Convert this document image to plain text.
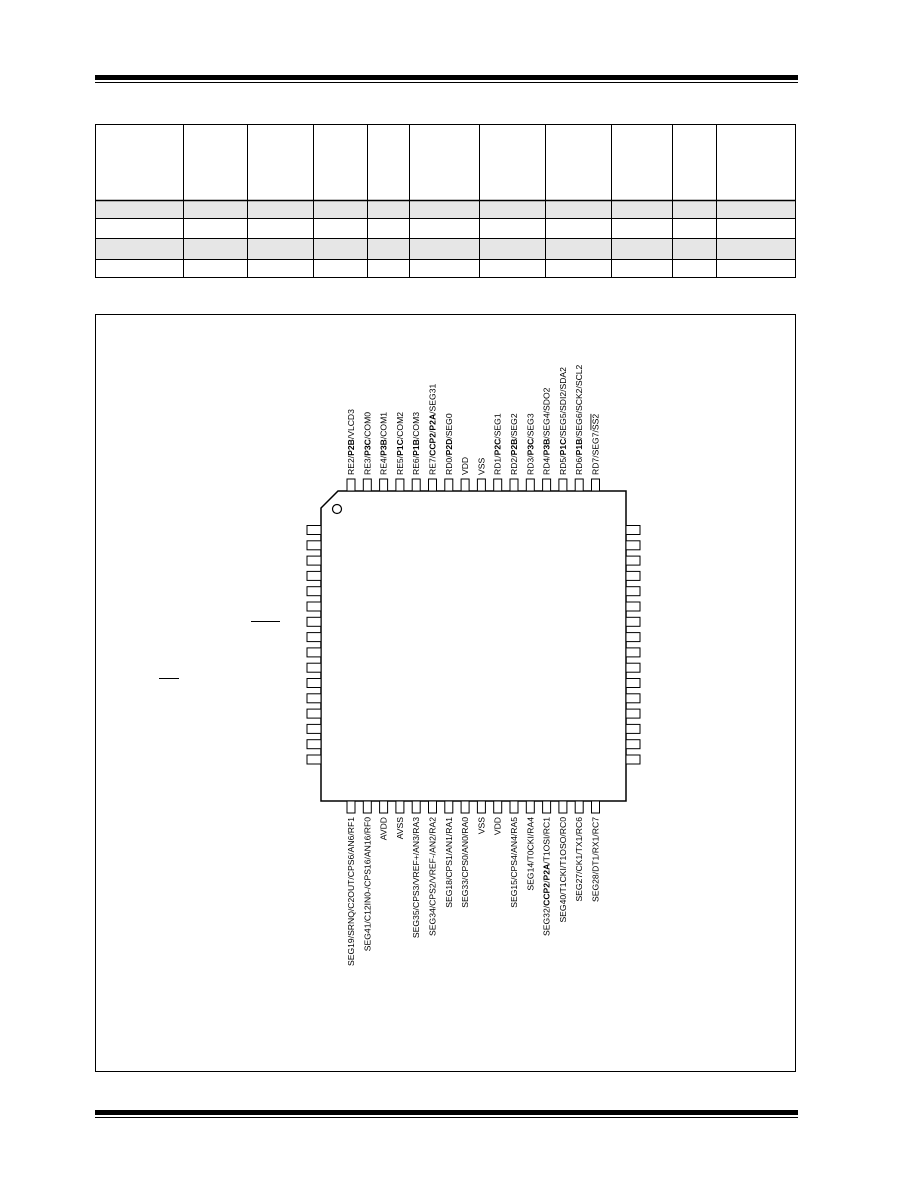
RE2/P2B/VLCD3
RE3/P3C/COM0
RE4/P3B/COM1
RE5/P1C/COM2
RE6/P1B/COM3
RE7/CCP2/P2A/SEG31
RD0/P2D/SEG0
VDD VSS RD1/P2C/SEG1
RD2/P2B/SEG2
RD3/P3C/SEG3
RD4/P3B/SEG4/SDO2
RD5/P1C/SEG5/SDI2/SDA2
RD6/P1B/SEG6/SCK2/SCL2
RD7/SEG7/SS2
SEG19/SRNQ/C2OUT/CPS6/AN6/RF1 SEG41/C12IN0-/CPS16/AN16/RF0 AVDD AVSS SEG35/CPS3/VREF+/AN3/RA3 SEG34/CPS2/VREF-/AN2/RA2 SEG18/CPS1/AN1/RA1 SEG33/CPS0/AN0/RA0 VSS VDD SEG15/CPS4/AN4/RA5 SEG14/T0CKI/RA4
SEG32/CCP2/P2A/T1OSI/RC1 SEG40/T1CKI/T1OSO/RC0 SEG27/CK1/TX1/RC6 SEG28/DT1/RX1/RC7
